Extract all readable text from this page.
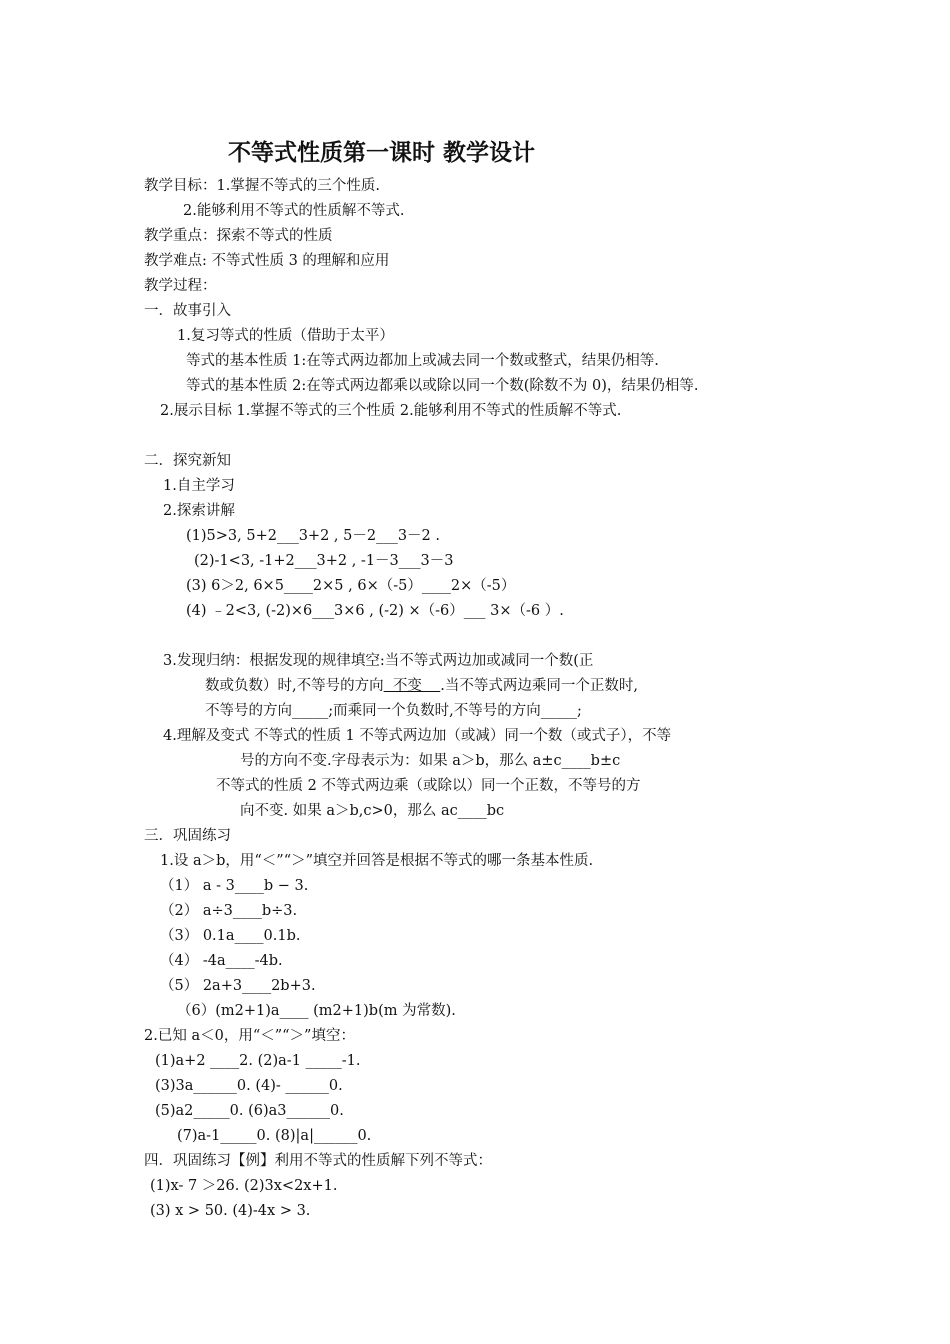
不等式性质第一课时 教学设计
教学目标：1.掌握不等式的三个性质.
2.能够利用不等式的性质解不等式.
教学重点：探索不等式的性质
教学难点: 不等式性质 3 的理解和应用
教学过程：
一．故事引入
1.复习等式的性质（借助于太平）
等式的基本性质 1:在等式两边都加上或减去同一个数或整式，结果仍相等.
等式的基本性质 2:在等式两边都乘以或除以同一个数(除数不为 0)，结果仍相等.
2.展示目标 1.掌握不等式的三个性质 2.能够利用不等式的性质解不等式.
二．探究新知
1.自主学习
2.探索讲解
(1)5>3, 5+2___3+2 , 5－2___3－2 .
(2)-1<3, -1+2___3+2 , -1－3___3－3
(3) 6＞2, 6×5____2×5 , 6×（-5）____2×（-5）
(4) ﹣2<3, (-2)×6___3×6 , (-2) ×（-6）___ 3×（-6 ）.
3.发现归纳：根据发现的规律填空:当不等式两边加或减同一个数(正
数或负数）时,不等号的方向  不变    .当不等式两边乘同一个正数时,
不等号的方向_____;而乘同一个负数时,不等号的方向_____;
4.理解及变式 不等式的性质 1 不等式两边加（或减）同一个数（或式子），不等
号的方向不变.字母表示为：如果 a＞b，那么 a±c____b±c
不等式的性质 2 不等式两边乘（或除以）同一个正数，不等号的方
向不变. 如果 a＞b,c>0，那么 ac____bc
三．巩固练习
1.设 a＞b，用“＜”“＞”填空并回答是根据不等式的哪一条基本性质.
（1） a - 3____b − 3.
（2） a÷3____b÷3.
（3） 0.1a____0.1b.
（4） -4a____-4b.
（5） 2a+3____2b+3.
（6）(m2+1)a____ (m2+1)b(m 为常数).
2.已知 a＜0，用“＜”“＞”填空：
(1)a+2 ____2. (2)a-1 _____-1.
(3)3a______0. (4)- ______0.
(5)a2_____0. (6)a3______0.
(7)a-1_____0. (8)|a|______0.
四．巩固练习【例】利用不等式的性质解下列不等式：
(1)x- 7 ＞26. (2)3x<2x+1.
(3) x > 50. (4)-4x > 3.
